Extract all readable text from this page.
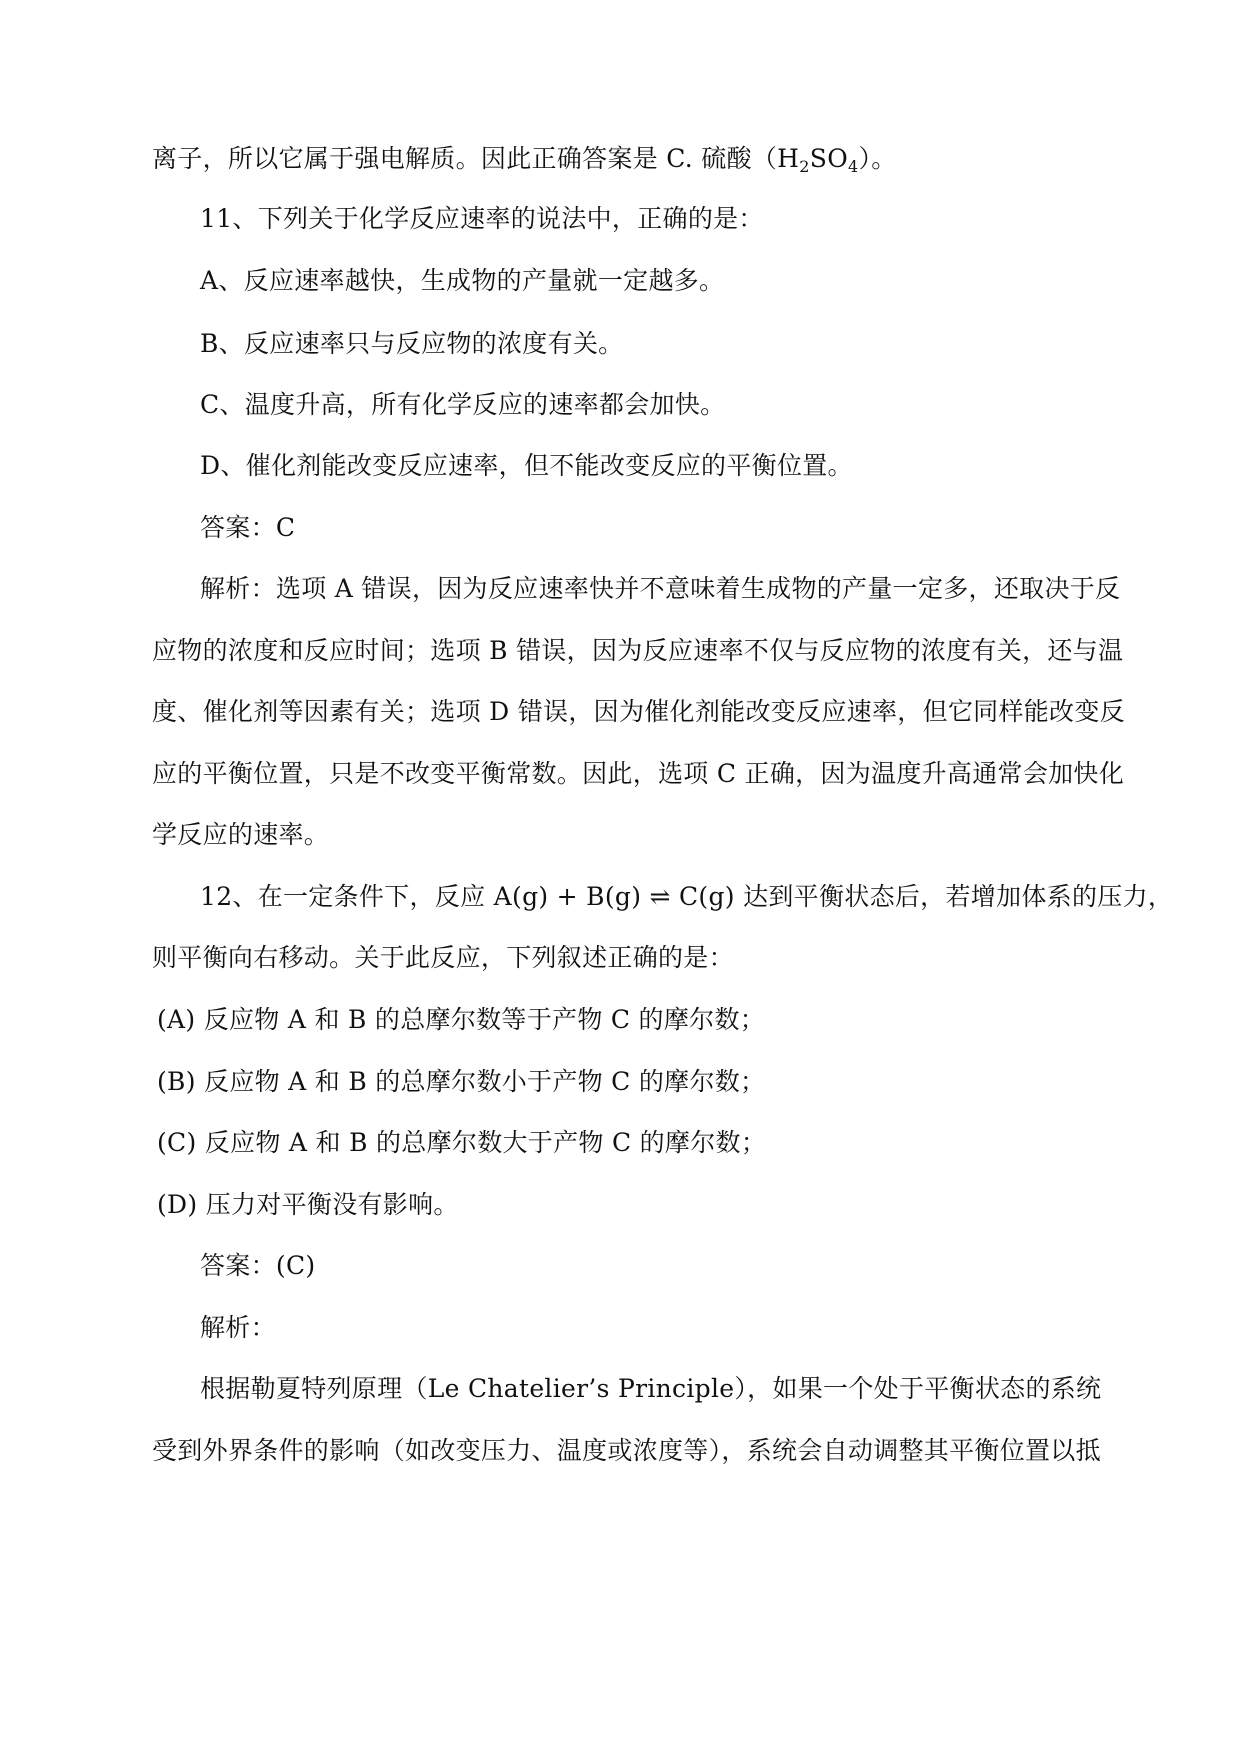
离子，所以它属于强电解质。因此正确答案是 C. 硫酸$(H_2SO_4)$。
11、下列关于化学反应速率的说法中，正确的是：
A、反应速率越快，生成物的产量就一定越多。
B、反应速率只与反应物的浓度有关。
C、温度升高，所有化学反应的速率都会加快。
D、催化剂能改变反应速率，但不能改变反应的平衡位置。
答案：C
解析：选项 A 错误，因为反应速率快并不意味着生成物的产量一定多，还取决于反
应物的浓度和反应时间；选项 B 错误，因为反应速率不仅与反应物的浓度有关，还与温
度、催化剂等因素有关；选项 D 错误，因为催化剂能改变反应速率，但它同样能改变反
应的平衡位置，只是不改变平衡常数。因此，选项 C 正确，因为温度升高通常会加快化
学反应的速率。
12、在一定条件下，反应 A(g) + B(g) ⇌ C(g) 达到平衡状态后，若增加体系的压力，
则平衡向右移动。关于此反应，下列叙述正确的是：
(A) 反应物 A 和 B 的总摩尔数等于产物 C 的摩尔数；
(B) 反应物 A 和 B 的总摩尔数小于产物 C 的摩尔数；
(C) 反应物 A 和 B 的总摩尔数大于产物 C 的摩尔数；
(D) 压力对平衡没有影响。
答案：(C)
解析：
根据勒夏特列原理（Le Chatelier’s Principle），如果一个处于平衡状态的系统
受到外界条件的影响（如改变压力、温度或浓度等），系统会自动调整其平衡位置以抵
